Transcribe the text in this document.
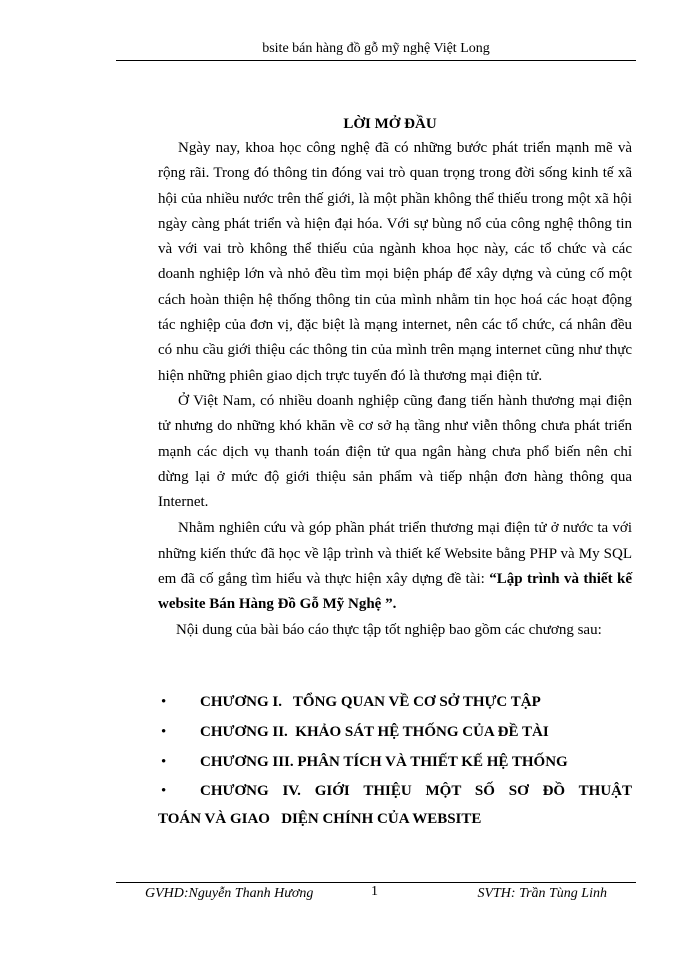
bsite bán hàng đồ gỗ mỹ nghệ Việt Long
LỜI MỞ ĐẦU

Ngày nay, khoa học công nghệ đã có những bước phát triển mạnh mẽ và rộng rãi. Trong đó thông tin đóng vai trò quan trọng trong đời sống kinh tế xã hội của nhiều nước trên thế giới, là một phần không thể thiếu trong một xã hội ngày càng phát triển và hiện đại hóa. Với sự bùng nổ của công nghệ thông tin và với vai trò không thể thiếu của ngành khoa học này, các tổ chức và các doanh nghiệp lớn và nhỏ đều tìm mọi biện pháp để xây dựng và củng cố một cách hoàn thiện hệ thống thông tin của mình nhằm tin học hoá các hoạt động tác nghiệp của đơn vị, đặc biệt là mạng internet, nên các tổ chức, cá nhân đều có nhu cầu giới thiệu các thông tin của mình trên mạng internet cũng như thực hiện những phiên giao dịch trực tuyến đó là thương mại điện tử.

Ở Việt Nam, có nhiều doanh nghiệp cũng đang tiến hành thương mại điện tử nhưng do những khó khăn về cơ sở hạ tầng như viễn thông chưa phát triển mạnh các dịch vụ thanh toán điện tử qua ngân hàng chưa phổ biến nên chỉ dừng lại ở mức độ giới thiệu sản phẩm và tiếp nhận đơn hàng thông qua Internet.

Nhằm nghiên cứu và góp phần phát triển thương mại điện tử ở nước ta với những kiến thức đã học về lập trình và thiết kế Website bằng PHP và My SQL em đã cố gắng tìm hiểu và thực hiện xây dựng đề tài: “Lập trình và thiết kế website Bán Hàng Đồ Gỗ Mỹ Nghệ ”.

Nội dung của bài báo cáo thực tập tốt nghiệp bao gồm các chương sau:

• CHƯƠNG I.   TỔNG QUAN VỀ CƠ SỞ THỰC TẬP
• CHƯƠNG II.  KHẢO SÁT HỆ THỐNG CỦA ĐỀ TÀI
• CHƯƠNG III. PHÂN TÍCH VÀ THIẾT KẾ HỆ THỐNG
• CHƯƠNG IV. GIỚI THIỆU MỘT SỐ SƠ ĐỒ THUẬT
TOÁN VÀ GIAO   DIỆN CHÍNH CỦA WEBSITE
GVHD:Nguyễn Thanh Hương	1	SVTH: Trần Tùng Linh
